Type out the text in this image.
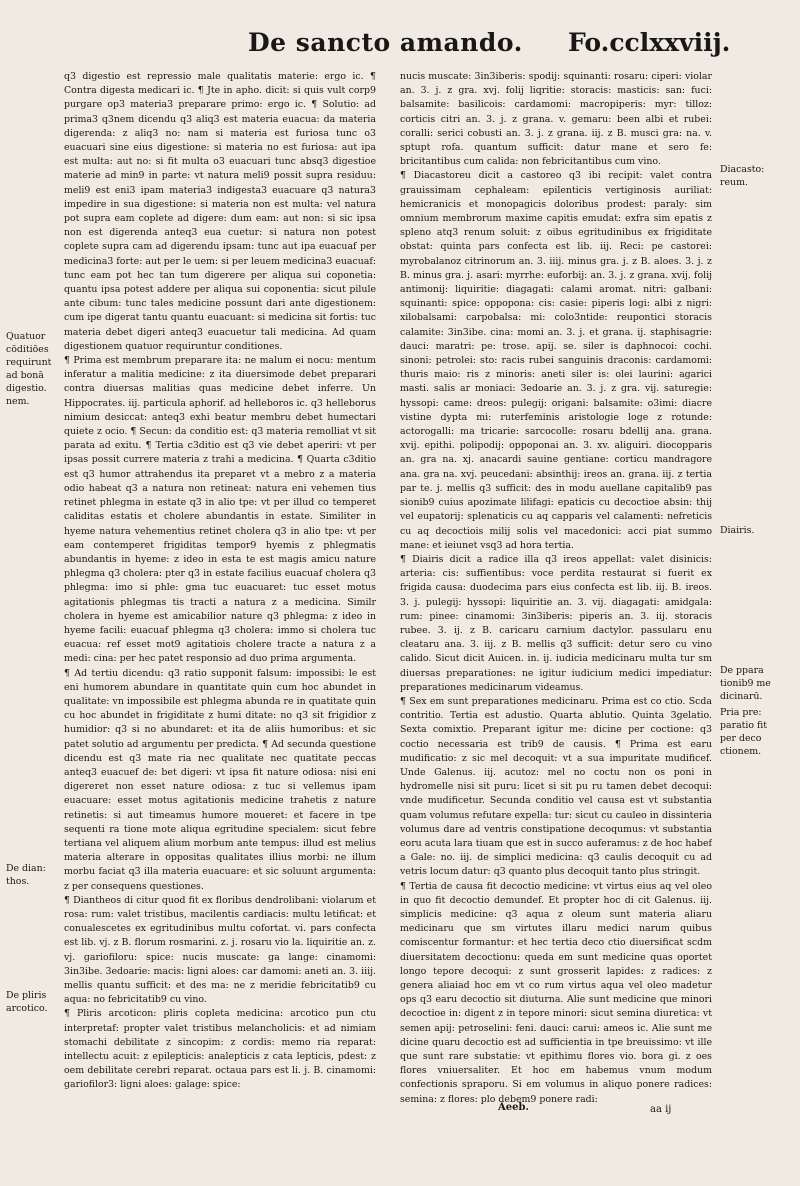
De sancto amando. Fo.cclxxviij.

q3 digestio est repressio male qualitatis materie: ergo ic. ¶ Contra digesta medicari ic. ¶ Jte in apho. dicit: si quis vult corp9 purgare op3 materia3 preparare primo: ergo ic. ¶ Solutio: ad prima3 q3nem dicendu q3 aliq3 est materia euacua: da materia digerenda: z aliq3 no: nam si materia est furiosa tunc o3 euacuari sine eius digestione: si materia no est furiosa: aut ipa est multa: aut no: si fit multa o3 euacuari tunc absq3 digestioe materie ad min9 in parte: vt natura meli9 possit supra residuu: meli9 est eni3 ipam materia3 indigesta3 euacuare q3 natura3 impedire in sua digestione: si materia non est multa: vel natura pot supra eam coplete ad digere: dum eam: aut non: si sic ipsa non est digerenda anteq3 eua cuetur: si natura non potest coplete supra cam ad digerendu ipsam: tunc aut ipa euacuaf per medicina3 forte: aut per le uem: si per leuem medicina3 euacuaf: tunc eam pot hec tan tum digerere per aliqua sui coponetia: quantu ipsa potest addere per aliqua sui coponentia: sicut pilule ante cibum: tunc tales medicine possunt dari ante digestionem: cum ipe digerat tantu quantu euacuant: si medicina sit fortis: tuc materia debet digeri anteq3 euacuetur tali medicina. Ad quam digestionem quatuor requiruntur conditiones.

¶ Prima est membrum preparare ita: ne malum ei nocu: mentum inferatur a malitia medicine: z ita diuersimode debet preparari contra diuersas malitias quas medicine debet inferre. Un Hippocrates. iij. particula aphorif. ad helleboros ic. q3 helleborus nimium desiccat: anteq3 exhi beatur membru debet humectari quiete z ocio. ¶ Secun: da conditio est: q3 materia remolliat vt sit parata ad exitu. ¶ Tertia c3ditio est q3 vie debet aperiri: vt per ipsas possit currere materia z trahi a medicina. ¶ Quarta c3ditio est q3 humor attrahendus ita preparet vt a mebro z a materia odio habeat q3 a natura non retineat: natura eni vehemen tius retinet phlegma in estate q3 in alio tpe: vt per illud co temperet caliditas estatis et cholere abundantis in estate. Similiter in hyeme natura vehementius retinet cholera q3 in alio tpe: vt per eam contemperet frigiditas tempor9 hyemis z phlegmatis abundantis in hyeme: z ideo in esta te est magis amicu nature phlegma q3 cholera: pter q3 in estate facilius euacuaf cholera q3 phlegma: imo si phle: gma tuc euacuaret: tuc esset motus agitationis phlegmas tis tracti a natura z a medicina. Similr cholera in hyeme est amicabilior nature q3 phlegma: z ideo in hyeme facili: euacuaf phlegma q3 cholera: immo si cholera tuc euacua: ref esset mot9 agitatiois cholere tracte a natura z a medi: cina: per hec patet responsio ad duo prima argumenta.

¶ Ad tertiu dicendu: q3 ratio supponit falsum: impossibi: le est eni humorem abundare in quantitate quin cum hoc abundet in qualitate: vn impossibile est phlegma abunda re in quatitate quin cu hoc abundet in frigiditate z humi ditate: no q3 sit frigidior z humidior: q3 si no abundaret: et ita de aliis humoribus: et sic patet solutio ad argumentu per predicta. ¶ Ad secunda questione dicendu est q3 mate ria nec qualitate nec quatitate peccas anteq3 euacuef de: bet digeri: vt ipsa fit nature odiosa: nisi eni digereret non esset nature odiosa: z tuc si vellemus ipam euacuare: esset motus agitationis medicine trahetis z nature retinetis: si aut timeamus humore moueret: et facere in tpe sequenti ra tione mote aliqua egritudine specialem: sicut febre tertiana vel aliquem alium morbum ante tempus: illud est melius materia alterare in oppositas qualitates illius morbi: ne illum morbu faciat q3 illa materia euacuare: et sic soluunt argumenta: z per consequens questiones.

¶ Diantheos di citur quod fit ex floribus dendrolibani: violarum et rosa: rum: valet tristibus, macilentis cardiacis: multu letificat: et conualescetes ex egritudinibus multu cofortat. vi. pars confecta est lib. vj. z B. florum rosmarini. z. j. rosaru vio la. liquiritie an. z. vj. gariofiloru: spice: nucis muscate: ga lange: cinamomi: 3in3ibe. 3edoarie: macis: ligni aloes: car damomi: aneti an. 3. iiij. mellis quantu sufficit: et des ma: ne z meridie febricitatib9 cu aqua: no febricitatib9 cu vino.

¶ Pliris arcoticon: pliris copleta medicina: arcotico pun ctu interpretaf: propter valet tristibus melancholicis: et ad nimiam stomachi debilitate z sincopim: z cordis: memo ria reparat: intellectu acuit: z epilepticis: analepticis z cata lepticis, pdest: z oem debilitate cerebri reparat. octaua pars est li. j. B. cinamomi: gariofilor3: ligni aloes: galage: spice:

nucis muscate: 3in3iberis: spodij: squinanti: rosaru: ciperi: violar an. 3. j. z gra. xvj. folij liqritie: storacis: masticis: san: fuci: balsamite: basilicois: cardamomi: macropiperis: myr: tilloz: corticis citri an. 3. j. z grana. v. gemaru: been albi et rubei: coralli: serici cobusti an. 3. j. z grana. iij. z B. musci gra: na. v. sptupt rofa. quantum sufficit: datur mane et sero fe: bricitantibus cum calida: non febricitantibus cum vino.

¶ Diacastoreu dicit a castoreo q3 ibi recipit: valet contra grauissimam cephaleam: epilenticis vertiginosis auriliat: hemicranicis et monopagicis doloribus prodest: paraly: sim omnium membrorum maxime capitis emudat: exfra sim epatis z spleno atq3 renum soluit: z oibus egritudinibus ex frigiditate obstat: quinta pars confecta est lib. iij. Reci: pe castorei: myrobalanoz citrinorum an. 3. iiij. minus gra. j. z B. aloes. 3. j. z B. minus gra. j. asari: myrrhe: euforbij: an. 3. j. z grana. xvij. folij antimonij: liquiritie: diagagati: calami aromat. nitri: galbani: squinanti: spice: oppopona: cis: casie: piperis logi: albi z nigri: xilobalsami: carpobalsa: mi: colo3ntide: reupontici storacis calamite: 3in3ibe. cina: momi an. 3. j. et grana. ij. staphisagrie: dauci: maratri: pe: trose. apij. se. siler is daphnocoi: cochi. sinoni: petrolei: sto: racis rubei sanguinis draconis: cardamomi: thuris maio: ris z minoris: aneti siler is: olei laurini: agarici masti. salis ar moniaci: 3edoarie an. 3. j. z gra. vij. saturegie: hyssopi: came: dreos: pulegij: origani: balsamite: o3imi: diacre vistine dypta mi: ruterfeminis aristologie loge z rotunde: actorogalli: ma tricarie: sarcocolle: rosaru bdellij ana. grana. xvij. epithi. polipodij: oppoponai an. 3. xv. aliguiri. diocopparis an. gra na. xj. anacardi sauine gentiane: corticu mandragore ana. gra na. xvj. peucedani: absinthij: ireos an. grana. iij. z tertia par te. j. mellis q3 sufficit: des in modu auellane capitalib9 pas sionib9 cuius apozimate lilifagi: epaticis cu decoctioe absin: thij vel eupatorij: splenaticis cu aq capparis vel calamenti: nefreticis cu aq decoctiois milij solis vel macedonici: acci piat summo mane: et ieiunet vsq3 ad hora tertia.

¶ Diairis dicit a radice illa q3 ireos appellat: valet disinicis: arteria: cis: suffientibus: voce perdita restaurat si fuerit ex frigida causa: duodecima pars eius confecta est lib. iij. B. ireos. 3. j. pulegij: hyssopi: liquiritie an. 3. vij. diagagati: amidgala: rum: pinee: cinamomi: 3in3iberis: piperis an. 3. iij. storacis rubee. 3. ij. z B. caricaru carnium dactylor. passularu enu cleataru ana. 3. iij. z B. mellis q3 sufficit: detur sero cu vino calido. Sicut dicit Auicen. in. ij. iudicia medicinaru multa tur sm diuersas preparationes: ne igitur iudicium medici impediatur: preparationes medicinarum videamus.

¶ Sex em sunt preparationes medicinaru. Prima est co ctio. Scda contritio. Tertia est adustio. Quarta ablutio. Quinta 3gelatio. Sexta comixtio. Preparant igitur me: dicine per coctione: q3 coctio necessaria est trib9 de causis. ¶ Prima est earu mudificatio: z sic mel decoquit: vt a sua impuritate mudificef. Unde Galenus. iij. acutoz: mel no coctu non os poni in hydromelle nisi sit puru: licet si sit pu ru tamen debet decoqui: vnde mudificetur. Secunda conditio vel causa est vt substantia quam volumus refutare expella: tur: sicut cu cauleo in dissinteria volumus dare ad ventris constipatione decoqumus: vt substantia eoru acuta lara tiuam que est in succo auferamus: z de hoc habef a Gale: no. iij. de simplici medicina: q3 caulis decoquit cu ad vetris locum datur: q3 quanto plus decoquit tanto plus stringit.

¶ Tertia de causa fit decoctio medicine: vt virtus eius aq vel oleo in quo fit decoctio demundef. Et propter hoc di cit Galenus. iij. simplicis medicine: q3 aqua z oleum sunt materia aliaru medicinaru que sm virtutes illaru medici narum quibus comiscentur formantur: et hec tertia deco ctio diuersificat scdm diuersitatem decoctionu: queda em sunt medicine quas oportet longo tepore decoqui: z sunt grosserit lapides: z radices: z genera aliaiad hoc em vt co rum virtus aqua vel oleo madetur ops q3 earu decoctio sit diuturna. Alie sunt medicine que minori decoctioe in: digent z in tepore minori: sicut semina diuretica: vt semen apij: petroselini: feni. dauci: carui: ameos ic. Alie sunt me dicine quaru decoctio est ad sufficientia in tpe breuissimo: vt ille que sunt rare substatie: vt epithimu flores vio. bora gi. z oes flores vniuersaliter. Et hoc em habemus vnum modum confectionis spraporu. Si em volumus in aliquo ponere radices: semina: z flores: plo debem9 ponere radi:

Quatuor
cōditiōes
requirunt
ad bonā
digestio.
nem.
De dian:
thos.
De pliris
arcotico.
Diacasto:
reum.
Diairis.
De ppara
tionib9 me
dicinarū.
Pria pre:
paratio fit
per deco
ctionem.
Aeeb.	aa ij
